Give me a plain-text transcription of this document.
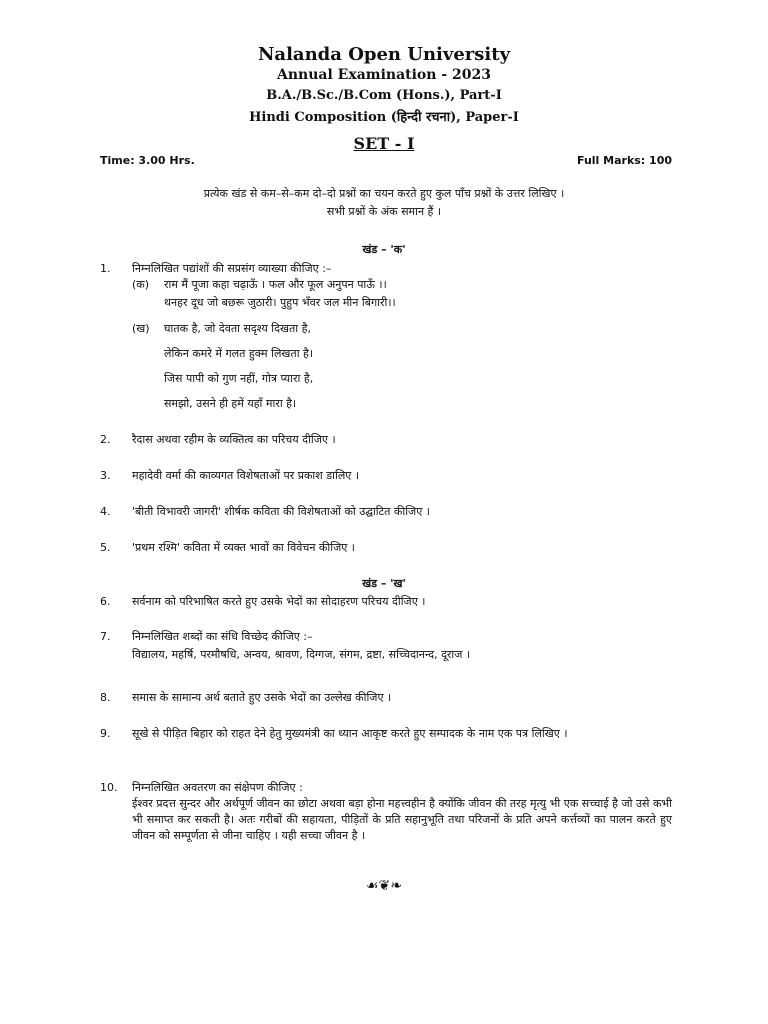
Nalanda Open University
Annual Examination - 2023
B.A./B.Sc./B.Com (Hons.), Part-I
Hindi Composition (हिन्दी रचना), Paper-I
SET - I
Time: 3.00 Hrs.	Full Marks: 100
प्रत्येक खंड से कम–से–कम दो–दो प्रश्नों का चयन करते हुए कुल पाँच प्रश्नों के उत्तर लिखिए ।
सभी प्रश्नों के अंक समान हैं ।
खंड – 'क'
1.	निम्नलिखित पद्यांशों की सप्रसंग व्याख्या कीजिए :–
(क) राम मैं पूजा कहा चढ़ाऊँ । फल और फूल अनुपन पाऊँ ।।
थनहर दूध जो बछरू जुठारी। पुहुप भँवर जल मीन बिगारी।।
(ख) घातक है, जो देवता सदृश्य दिखता है,
लेकिन कमरे में गलत हुक्म लिखता है।
जिस पापी को गुण नहीं, गोत्र प्यारा है,
समझो, उसने ही हमें यहाँ मारा है।
2.	रैदास अथवा रहीम के व्यक्तित्व का परिचय दीजिए ।
3.	महादेवी वर्मा की काव्यगत विशेषताओं पर प्रकाश डालिए ।
4.	'बीती विभावरी जागरी' शीर्षक कविता की विशेषताओं को उद्घाटित कीजिए ।
5.	'प्रथम रश्मि' कविता में व्यक्त भावों का विवेचन कीजिए ।
खंड – 'ख'
6.	सर्वनाम को परिभाषित करते हुए उसके भेदों का सोदाहरण परिचय दीजिए ।
7.	निम्नलिखित शब्दों का संधि विच्छेद कीजिए :–
विद्यालय, महर्षि, परमौषधि, अन्वय, श्रावण, दिग्गज, संगम, द्रष्टा, सच्चिदानन्द, दूराज ।
8.	समास के सामान्य अर्थ बताते हुए उसके भेदों का उल्लेख कीजिए ।
9.	सूखे से पीड़ित बिहार को राहत देने हेतु मुख्यमंत्री का ध्यान आकृष्ट करते हुए सम्पादक के नाम एक पत्र लिखिए ।
10.	निम्नलिखित अवतरण का संक्षेपण कीजिए :
ईश्वर प्रदत्त सुन्दर और अर्थपूर्ण जीवन का छोटा अथवा बड़ा होना महत्त्वहीन है क्योंकि जीवन की तरह मृत्यु भी एक सच्चाई है जो उसे कभी भी समाप्त कर सकती है। अतः गरीबों की सहायता, पीड़ितों के प्रति सहानुभूति तथा परिजनों के प्रति अपने कर्त्तव्यों का पालन करते हुए जीवन को सम्पूर्णता से जीना चाहिए । यही सच्चा जीवन है ।
☙❦❧
